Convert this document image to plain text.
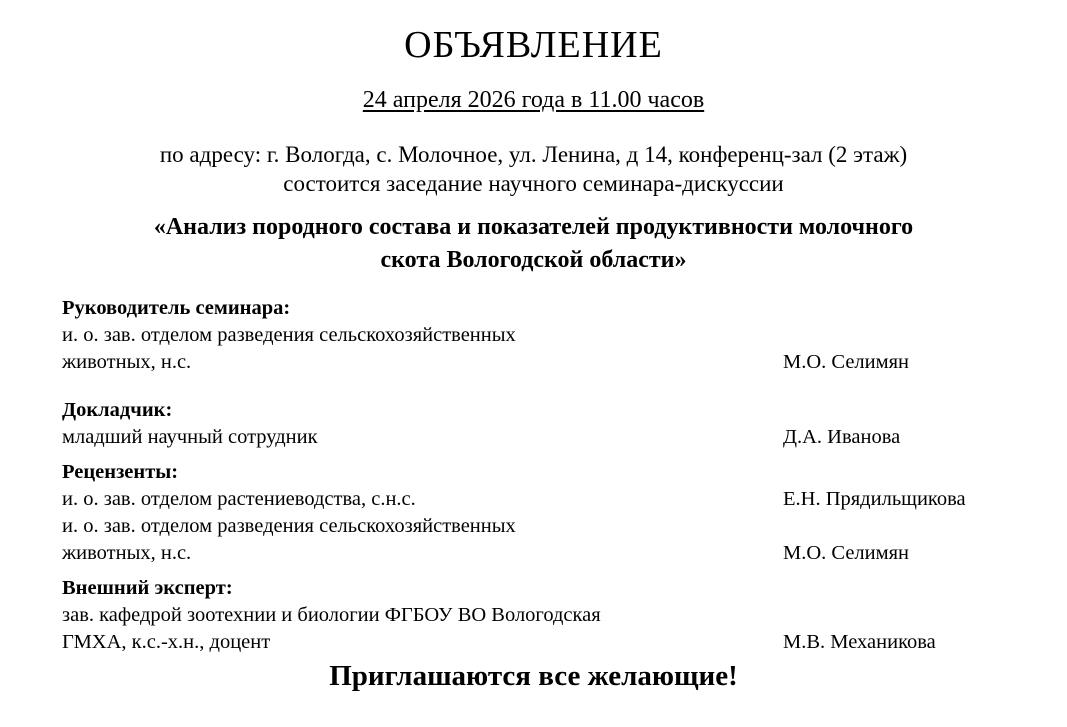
ОБЪЯВЛЕНИЕ
24 апреля 2026 года в 11.00 часов
по адресу: г. Вологда, с. Молочное, ул. Ленина, д 14, конференц-зал (2 этаж)
состоится заседание научного семинара-дискуссии
«Анализ породного состава и показателей продуктивности молочного
скота Вологодской области»
Руководитель семинара:
и. о. зав. отделом разведения сельскохозяйственных
животных, н.с.	М.О. Селимян
Докладчик:
младший научный сотрудник	Д.А. Иванова
Рецензенты:
и. о. зав. отделом растениеводства, с.н.с.	Е.Н. Прядильщикова
и. о. зав. отделом разведения сельскохозяйственных
животных, н.с.	М.О. Селимян
Внешний эксперт:
зав. кафедрой зоотехнии и биологии ФГБОУ ВО Вологодская
ГМХА, к.с.-х.н., доцент	М.В. Механикова
Приглашаются все желающие!
